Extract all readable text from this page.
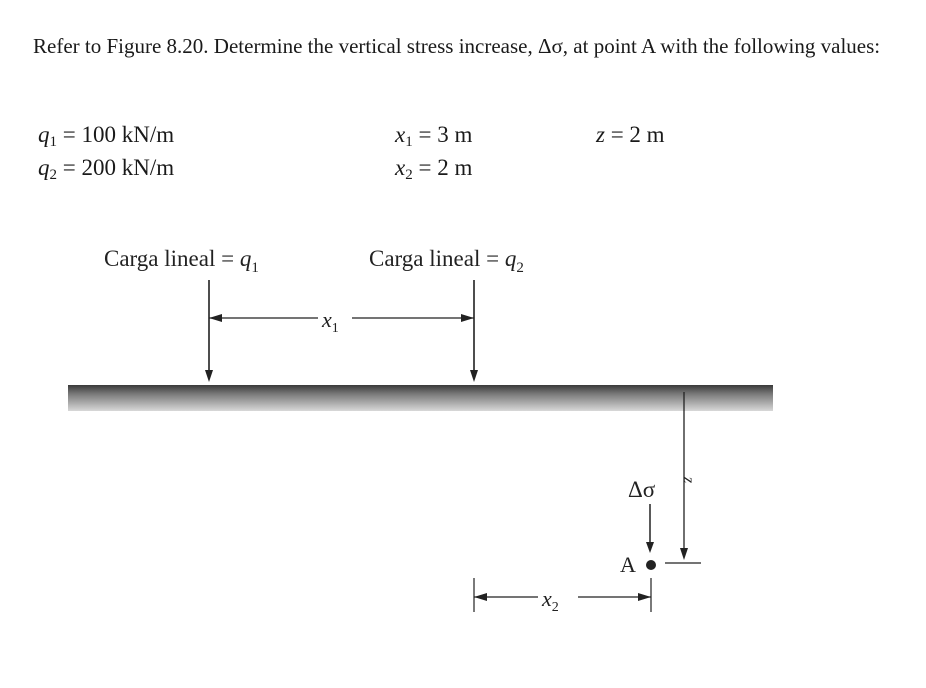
Refer to Figure 8.20. Determine the vertical stress increase, Δσ, at point A with the following values:
$q_1 = 100$ kN/m
$q_2 = 200$ kN/m
$x_1 = 3$ m
$x_2 = 2$ m
z = 2 m
Carga lineal = $q_1$	Carga lineal = $q_2$
$x_1$
z
Δσ
A
$x_2$
